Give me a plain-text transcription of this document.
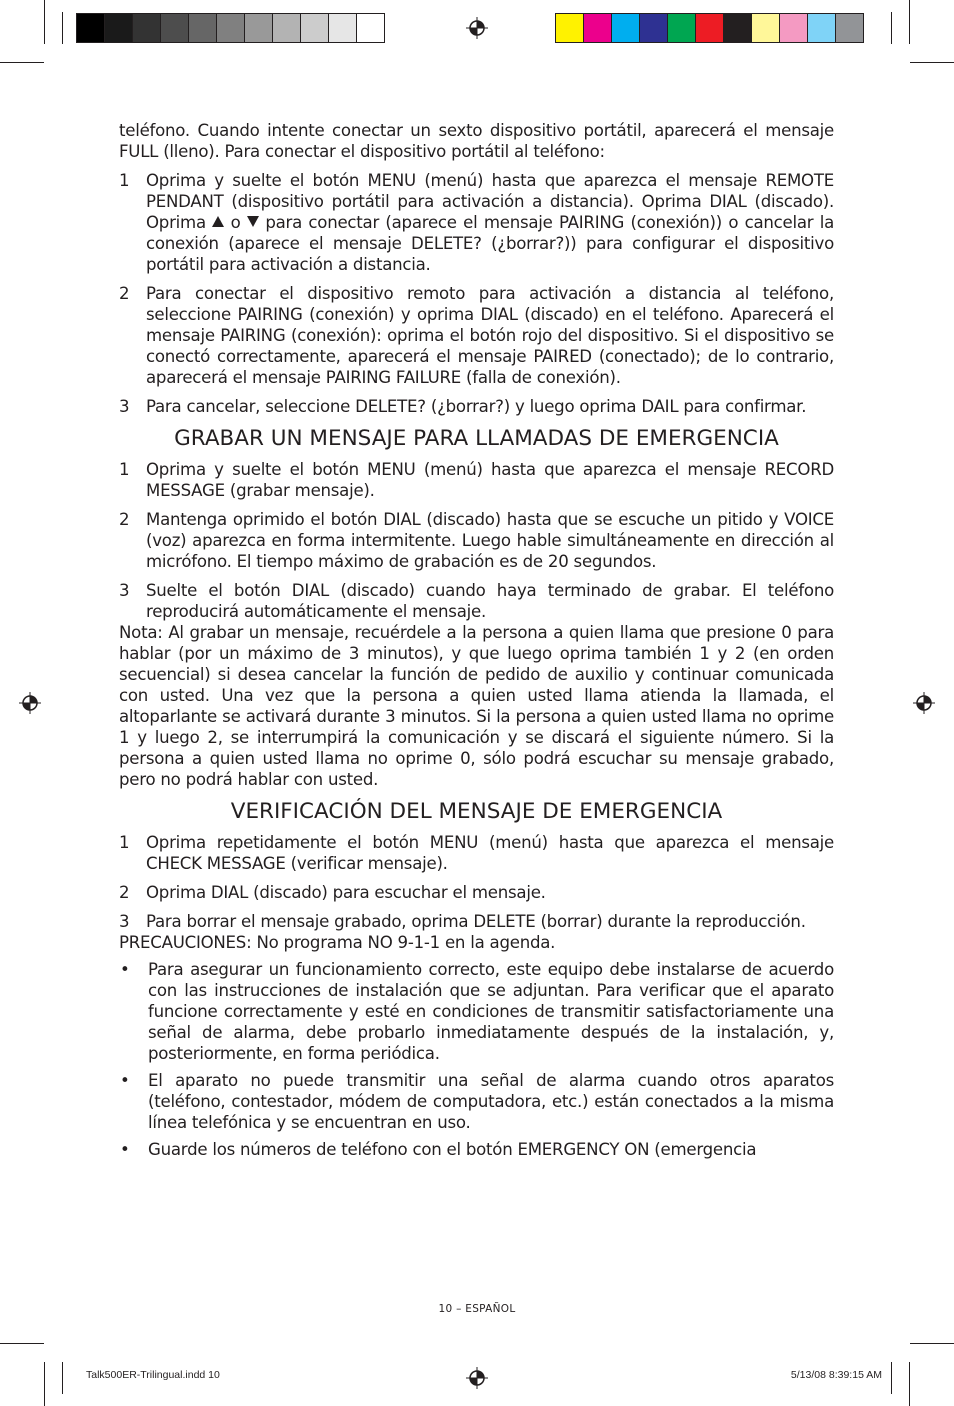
teléfono. Cuando intente conectar un sexto dispositivo portátil, aparecerá el mensaje FULL (lleno). Para conectar el dispositivo portátil al teléfono:

1 Oprima y suelte el botón MENU (menú) hasta que aparezca el mensaje REMOTE PENDANT (dispositivo portátil para activación a distancia). Oprima DIAL (discado). Oprima o para conectar (aparece el mensaje PAIRING (conexión)) o cancelar la conexión (aparece el mensaje DELETE? (¿borrar?)) para configurar el dispositivo portátil para activación a distancia.
2 Para conectar el dispositivo remoto para activación a distancia al teléfono, seleccione PAIRING (conexión) y oprima DIAL (discado) en el teléfono. Aparecerá el mensaje PAIRING (conexión): oprima el botón rojo del dispositivo. Si el dispositivo se conectó correctamente, aparecerá el mensaje PAIRED (conectado); de lo contrario, aparecerá el mensaje PAIRING FAILURE (falla de conexión).
3 Para cancelar, seleccione DELETE? (¿borrar?) y luego oprima DAIL para confirmar.
GRABAR UN MENSAJE PARA LLAMADAS DE EMERGENCIA
1 Oprima y suelte el botón MENU (menú) hasta que aparezca el mensaje RECORD MESSAGE (grabar mensaje).
2 Mantenga oprimido el botón DIAL (discado) hasta que se escuche un pitido y VOICE (voz) aparezca en forma intermitente. Luego hable simultáneamente en dirección al micrófono. El tiempo máximo de grabación es de 20 segundos.
3 Suelte el botón DIAL (discado) cuando haya terminado de grabar. El teléfono reproducirá automáticamente el mensaje.

Nota: Al grabar un mensaje, recuérdele a la persona a quien llama que presione 0 para hablar (por un máximo de 3 minutos), y que luego oprima también 1 y 2 (en orden secuencial) si desea cancelar la función de pedido de auxilio y continuar comunicada con usted. Una vez que la persona a quien usted llama atienda la llamada, el altoparlante se activará durante 3 minutos. Si la persona a quien usted llama no oprime 1 y luego 2, se interrumpirá la comunicación y se discará el siguiente número. Si la persona a quien usted llama no oprime 0, sólo podrá escuchar su mensaje grabado, pero no podrá hablar con usted.

VERIFICACIÓN DEL MENSAJE DE EMERGENCIA
1 Oprima repetidamente el botón MENU (menú) hasta que aparezca el mensaje CHECK MESSAGE (verificar mensaje).
2 Oprima DIAL (discado) para escuchar el mensaje.
3 Para borrar el mensaje grabado, oprima DELETE (borrar) durante la reproducción.

PRECAUCIONES: No programa NO 9-1-1 en la agenda.

• Para asegurar un funcionamiento correcto, este equipo debe instalarse de acuerdo con las instrucciones de instalación que se adjuntan. Para verificar que el aparato funcione correctamente y esté en condiciones de transmitir satisfactoriamente una señal de alarma, debe probarlo inmediatamente después de la instalación, y, posteriormente, en forma periódica.
• El aparato no puede transmitir una señal de alarma cuando otros aparatos (teléfono, contestador, módem de computadora, etc.) están conectados a la misma línea telefónica y se encuentran en uso.
• Guarde los números de teléfono con el botón EMERGENCY ON (emergencia
10 – ESPAÑOL
Talk500ER-Trilingual.indd 10	5/13/08 8:39:15 AM
